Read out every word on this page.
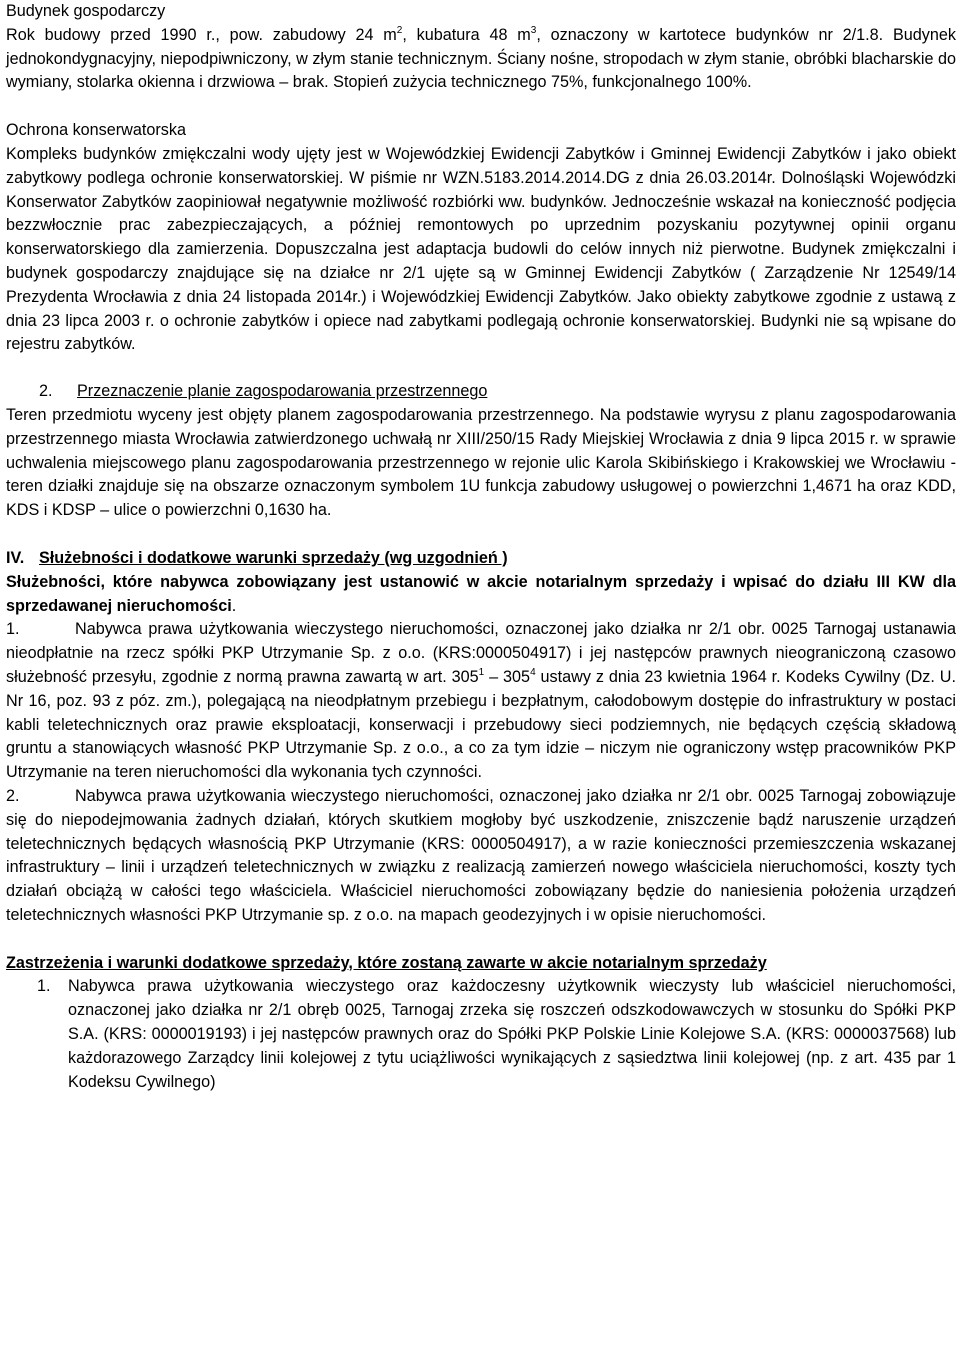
Budynek gospodarczy

Rok budowy przed 1990 r., pow. zabudowy 24 $m^2$, kubatura 48 $m^3$, oznaczony w kartotece budynków nr 2/1.8. Budynek jednokondygnacyjny, niepodpiwniczony, w złym stanie technicznym. Ściany nośne, stropodach w złym stanie, obróbki blacharskie do wymiany, stolarka okienna i drzwiowa – brak. Stopień zużycia technicznego 75%, funkcjonalnego 100%.

Ochrona konserwatorska

Kompleks budynków zmiękczalni wody ujęty jest w Wojewódzkiej Ewidencji Zabytków i Gminnej Ewidencji Zabytków i jako obiekt zabytkowy podlega ochronie konserwatorskiej. W piśmie nr WZN.5183.2014.2014.DG z dnia 26.03.2014r. Dolnośląski Wojewódzki Konserwator Zabytków zaopiniował negatywnie możliwość rozbiórki ww. budynków. Jednocześnie wskazał na konieczność podjęcia bezzwłocznie prac zabezpieczających, a później remontowych po uprzednim pozyskaniu pozytywnej opinii organu konserwatorskiego dla zamierzenia. Dopuszczalna jest adaptacja budowli do celów innych niż pierwotne. Budynek zmiękczalni i budynek gospodarczy znajdujące się na działce nr 2/1 ujęte są w Gminnej Ewidencji Zabytków ( Zarządzenie Nr 12549/14 Prezydenta Wrocławia z dnia 24 listopada 2014r.) i Wojewódzkiej Ewidencji Zabytków. Jako obiekty zabytkowe zgodnie z ustawą z dnia 23 lipca 2003 r. o ochronie zabytków i opiece nad zabytkami podlegają ochronie konserwatorskiej. Budynki nie są wpisane do rejestru zabytków.

2. Przeznaczenie planie zagospodarowania przestrzennego

Teren przedmiotu wyceny jest objęty planem zagospodarowania przestrzennego. Na podstawie wyrysu z planu zagospodarowania przestrzennego miasta Wrocławia zatwierdzonego uchwałą nr XIII/250/15 Rady Miejskiej Wrocławia z dnia 9 lipca 2015 r. w sprawie uchwalenia miejscowego planu zagospodarowania przestrzennego w rejonie ulic Karola Skibińskiego i Krakowskiej we Wrocławiu - teren działki znajduje się na obszarze oznaczonym symbolem 1U funkcja zabudowy usługowej o powierzchni 1,4671 ha oraz KDD, KDS i KDSP – ulice o powierzchni 0,1630 ha.

IV. Służebności i dodatkowe warunki sprzedaży (wg uzgodnień )

Służebności, które nabywca zobowiązany jest ustanowić w akcie notarialnym sprzedaży i wpisać do działu III KW dla sprzedawanej nieruchomości.

1.	Nabywca prawa użytkowania wieczystego nieruchomości, oznaczonej jako działka nr 2/1 obr. 0025 Tarnogaj ustanawia nieodpłatnie na rzecz spółki PKP Utrzymanie Sp. z o.o. (KRS:0000504917) i jej następców prawnych nieograniczoną czasowo służebność przesyłu, zgodnie z normą prawna zawartą w art. $305^1 - 305^4$ ustawy z dnia 23 kwietnia 1964 r. Kodeks Cywilny (Dz. U. Nr 16, poz. 93 z póz. zm.), polegającą na nieodpłatnym przebiegu i bezpłatnym, całodobowym dostępie do infrastruktury w postaci kabli teletechnicznych oraz prawie eksploatacji, konserwacji i przebudowy sieci podziemnych, nie będących częścią składową gruntu a stanowiących własność PKP Utrzymanie Sp. z o.o., a co za tym idzie – niczym nie ograniczony wstęp pracowników PKP Utrzymanie na teren nieruchomości dla wykonania tych czynności.

2.	Nabywca prawa użytkowania wieczystego nieruchomości, oznaczonej jako działka nr 2/1 obr. 0025 Tarnogaj zobowiązuje się do niepodejmowania żadnych działań, których skutkiem mogłoby być uszkodzenie, zniszczenie bądź naruszenie urządzeń teletechnicznych będących własnością PKP Utrzymanie (KRS: 0000504917), a w razie konieczności przemieszczenia wskazanej infrastruktury – linii i urządzeń teletechnicznych w związku z realizacją zamierzeń nowego właściciela nieruchomości, koszty tych działań obciążą w całości tego właściciela. Właściciel nieruchomości zobowiązany będzie do naniesienia położenia urządzeń teletechnicznych własności PKP Utrzymanie sp. z o.o. na mapach geodezyjnych i w opisie nieruchomości.

Zastrzeżenia i warunki dodatkowe sprzedaży, które zostaną zawarte w akcie notarialnym sprzedaży

1. Nabywca prawa użytkowania wieczystego oraz każdoczesny użytkownik wieczysty lub właściciel nieruchomości, oznaczonej jako działka nr 2/1 obręb 0025, Tarnogaj zrzeka się roszczeń odszkodowawczych w stosunku do Spółki PKP S.A. (KRS: 0000019193) i jej następców prawnych oraz do Spółki PKP Polskie Linie Kolejowe S.A. (KRS: 0000037568) lub każdorazowego Zarządcy linii kolejowej z tytu uciążliwości wynikających z sąsiedztwa linii kolejowej (np. z art. 435 par 1 Kodeksu Cywilnego)
